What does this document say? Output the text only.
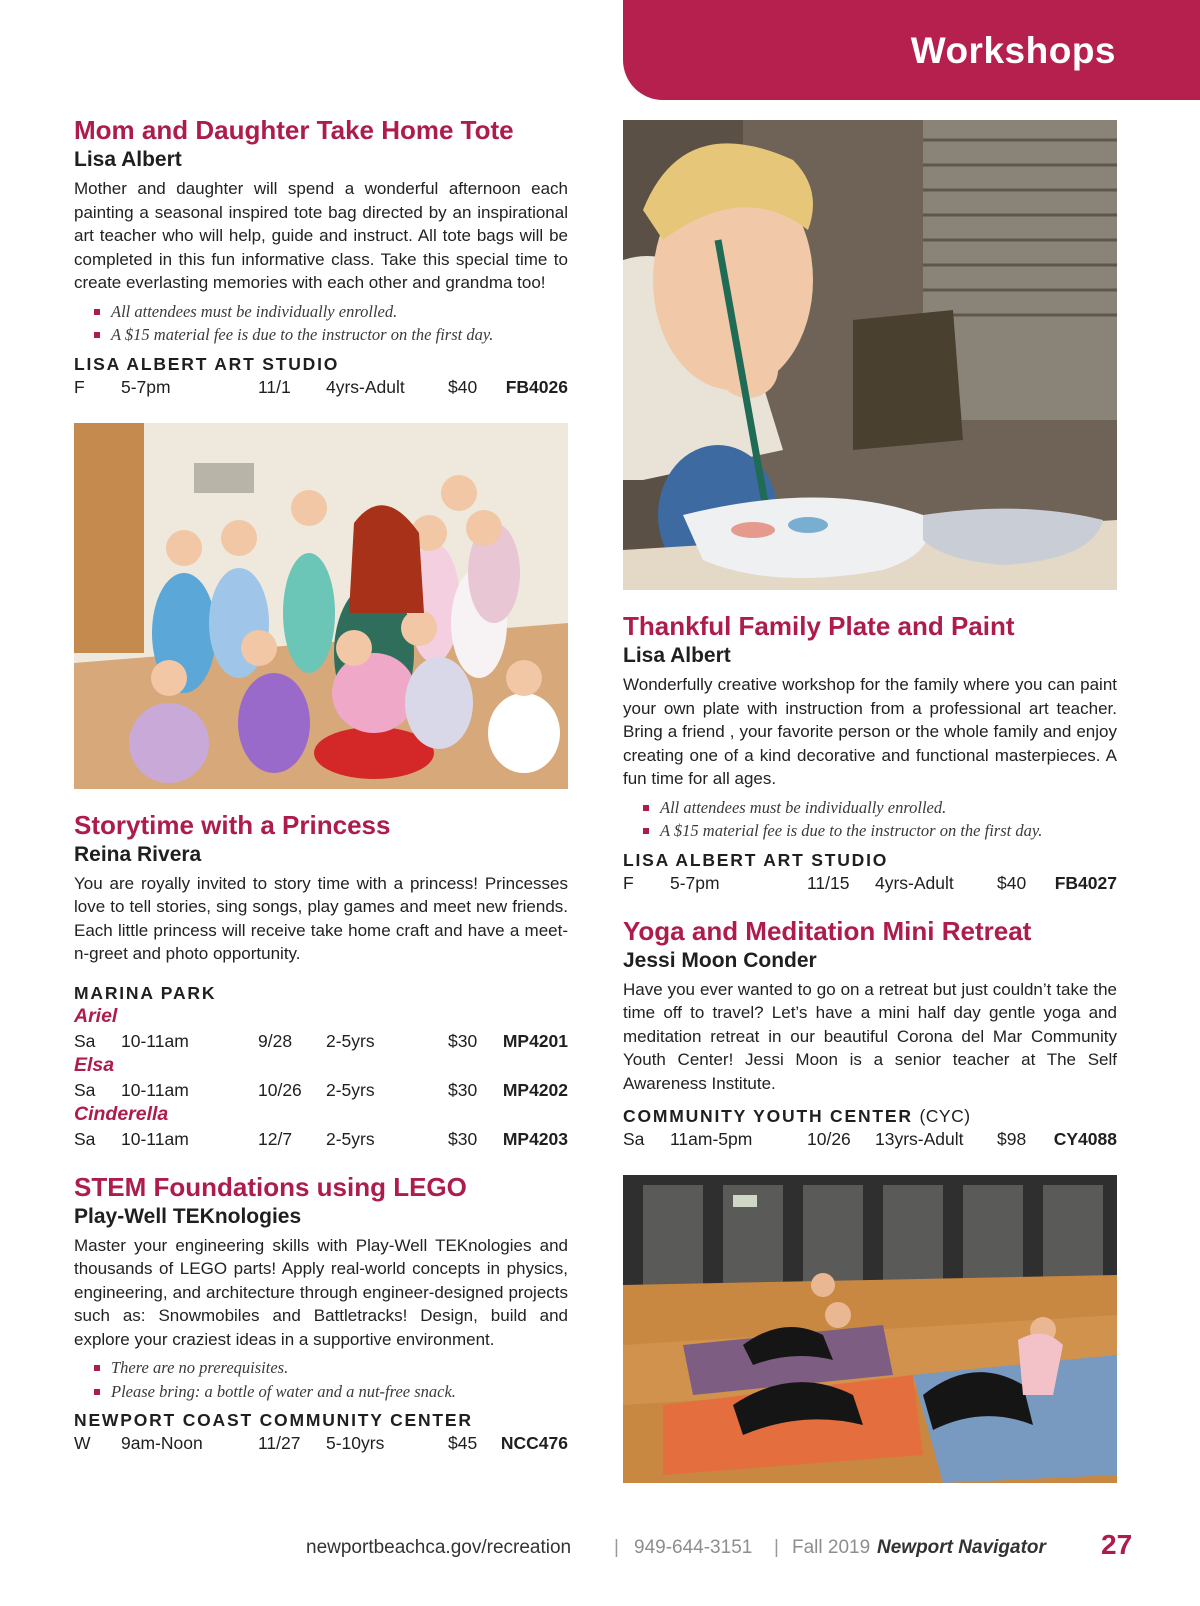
Workshops
Mom and Daughter Take Home Tote
Lisa Albert

Mother and daughter will spend a wonderful afternoon each painting a seasonal inspired tote bag directed by an inspirational art teacher who will help, guide and instruct. All tote bags will be completed in this fun informative class. Take this special time to create everlasting memories with each other and grandma too!

All attendees must be individually enrolled.
A $15 material fee is due to the instructor on the first day.
LISA ALBERT ART STUDIO
F 5-7pm	11/1 4yrs-Adult $40 FB4026
Storytime with a Princess
Reina Rivera

You are royally invited to story time with a princess! Princesses love to tell stories, sing songs, play games and meet new friends. Each little princess will receive take home craft and have a meet-n-greet and photo opportunity.

MARINA PARK
Ariel
Sa 10-11am	9/28 2-5yrs	$30 MP4201
Elsa
Sa 10-11am	10/26 2-5yrs	$30 MP4202
Cinderella
Sa 10-11am	12/7 2-5yrs	$30 MP4203
STEM Foundations using LEGO
Play-Well TEKnologies

Master your engineering skills with Play-Well TEKnologies and thousands of LEGO parts! Apply real-world concepts in physics, engineering, and architecture through engineer-designed projects such as: Snowmobiles and Battletracks! Design, build and explore your craziest ideas in a supportive environment.

There are no prerequisites.
Please bring: a bottle of water and a nut-free snack.
NEWPORT COAST COMMUNITY CENTER
W 9am-Noon	11/27 5-10yrs	$45 NCC476
Thankful Family Plate and Paint
Lisa Albert

Wonderfully creative workshop for the family where you can paint your own plate with instruction from a professional art teacher. Bring a friend , your favorite person or the whole family and enjoy creating one of a kind decorative and functional masterpieces. A fun time for all ages.

All attendees must be individually enrolled.
A $15 material fee is due to the instructor on the first day.
LISA ALBERT ART STUDIO
F 5-7pm	11/15 4yrs-Adult $40 FB4027
Yoga and Meditation Mini Retreat
Jessi Moon Conder

Have you ever wanted to go on a retreat but just couldn’t take the time off to travel? Let’s have a mini half day gentle yoga and meditation retreat in our beautiful Corona del Mar Community Youth Center! Jessi Moon is a senior teacher at The Self Awareness Institute.

COMMUNITY YOUTH CENTER (CYC)
Sa 11am-5pm	10/26 13yrs-Adult $98 CY4088
newportbeachca.gov/recreation | 949-644-3151 | Fall 2019 Newport Navigator 27
